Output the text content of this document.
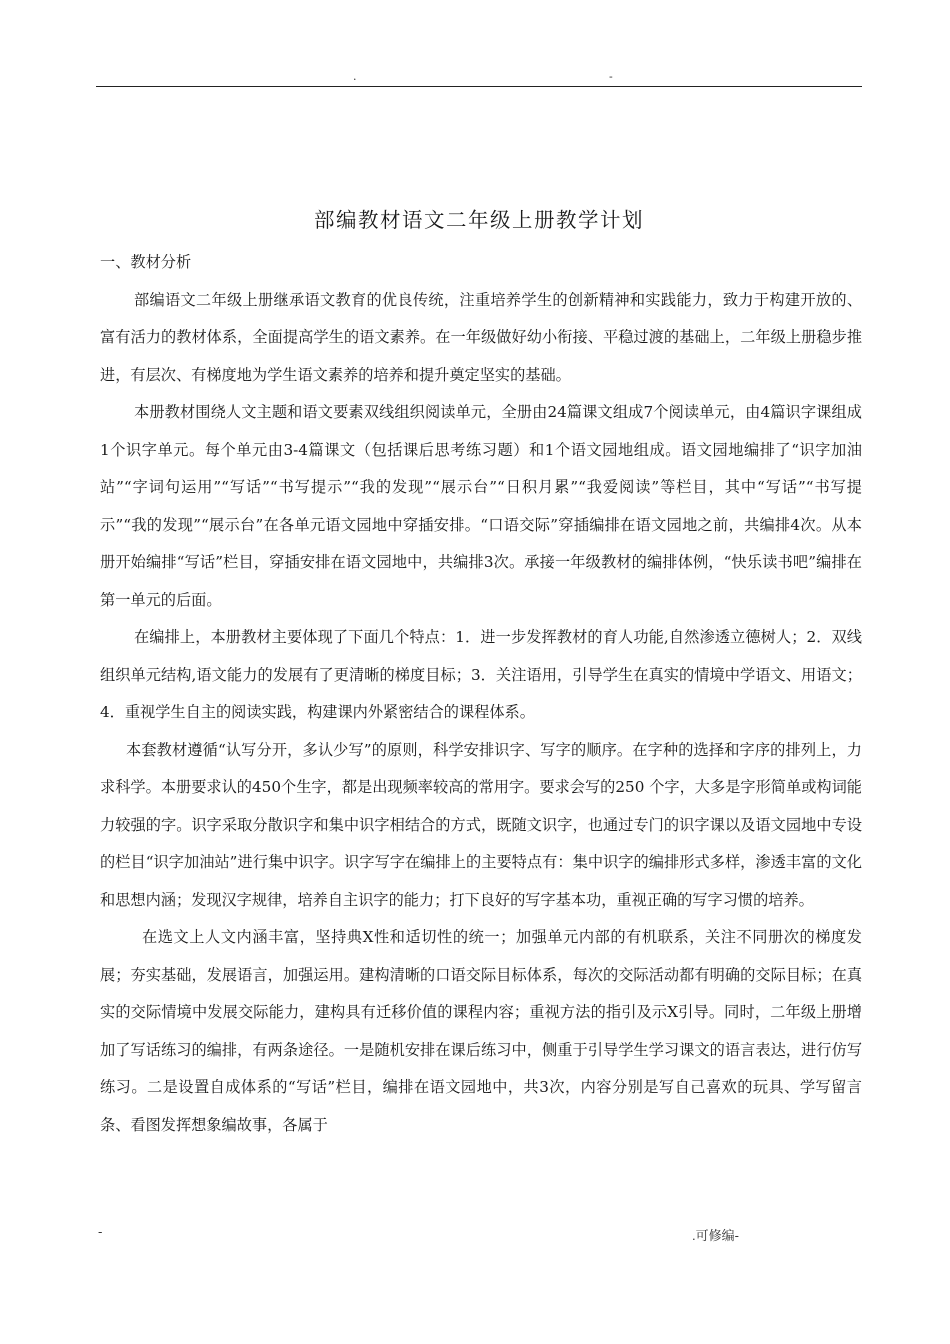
.	-
部编教材语文二年级上册教学计划

一、教材分析

部编语文二年级上册继承语文教育的优良传统，注重培养学生的创新精神和实践能力，致力于构建开放的、富有活力的教材体系，全面提高学生的语文素养。在一年级做好幼小衔接、平稳过渡的基础上，二年级上册稳步推进，有层次、有梯度地为学生语文素养的培养和提升奠定坚实的基础。

本册教材围绕人文主题和语文要素双线组织阅读单元，全册由24篇课文组成7个阅读单元，由4篇识字课组成1个识字单元。每个单元由3-4篇课文（包括课后思考练习题）和1个语文园地组成。语文园地编排了“识字加油站”“字词句运用”“写话”“书写提示”“我的发现”“展示台”“日积月累”“我爱阅读”等栏目，其中“写话”“书写提示”“我的发现”“展示台”在各单元语文园地中穿插安排。“口语交际”穿插编排在语文园地之前，共编排4次。从本册开始编排“写话”栏目，穿插安排在语文园地中，共编排3次。承接一年级教材的编排体例，“快乐读书吧”编排在第一单元的后面。

在编排上，本册教材主要体现了下面几个特点：1．进一步发挥教材的育人功能,自然渗透立德树人；2．双线组织单元结构,语文能力的发展有了更清晰的梯度目标；3．关注语用，引导学生在真实的情境中学语文、用语文；4．重视学生自主的阅读实践，构建课内外紧密结合的课程体系。

本套教材遵循“认写分开，多认少写”的原则，科学安排识字、写字的顺序。在字种的选择和字序的排列上，力求科学。本册要求认的450个生字，都是出现频率较高的常用字。要求会写的250 个字，大多是字形简单或构词能力较强的字。识字采取分散识字和集中识字相结合的方式，既随文识字，也通过专门的识字课以及语文园地中专设的栏目“识字加油站”进行集中识字。识字写字在编排上的主要特点有：集中识字的编排形式多样，渗透丰富的文化和思想内涵；发现汉字规律，培养自主识字的能力；打下良好的写字基本功，重视正确的写字习惯的培养。

在选文上人文内涵丰富，坚持典X性和适切性的统一；加强单元内部的有机联系，关注不同册次的梯度发展；夯实基础，发展语言，加强运用。建构清晰的口语交际目标体系，每次的交际活动都有明确的交际目标；在真实的交际情境中发展交际能力，建构具有迁移价值的课程内容；重视方法的指引及示X引导。同时，二年级上册增加了写话练习的编排，有两条途径。一是随机安排在课后练习中，侧重于引导学生学习课文的语言表达，进行仿写练习。二是设置自成体系的“写话”栏目，编排在语文园地中，共3次，内容分别是写自己喜欢的玩具、学写留言条、看图发挥想象编故事，各属于

-	.可修编-
